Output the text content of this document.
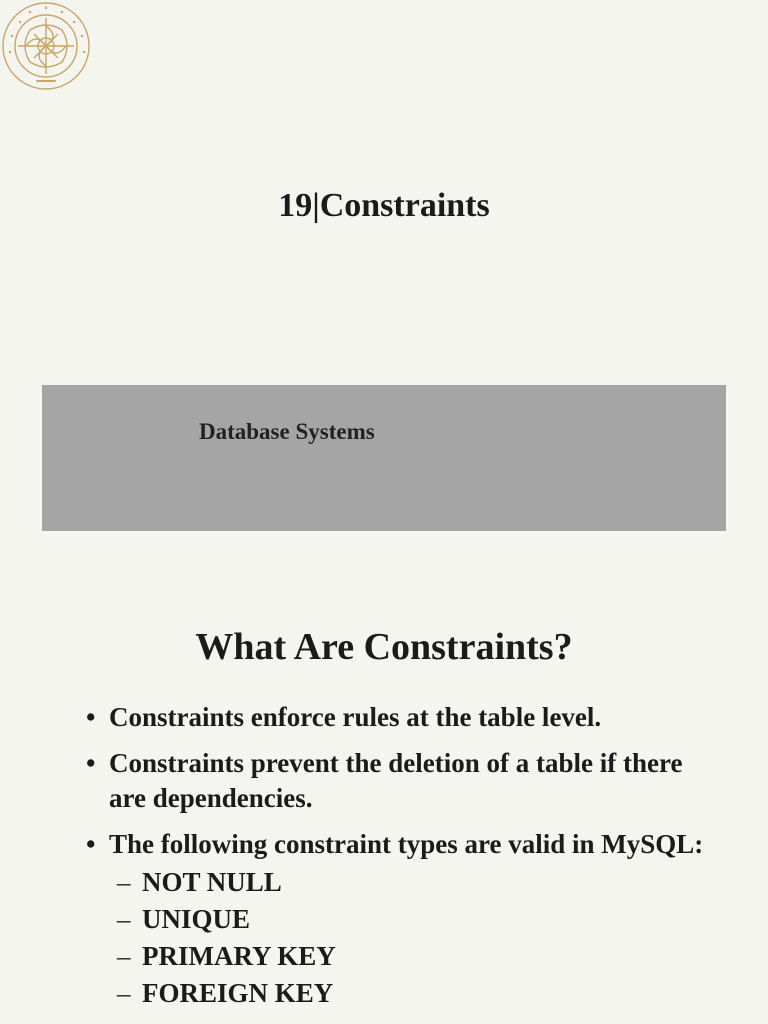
19|Constraints
Database Systems
What Are Constraints?
• Constraints enforce rules at the table level.
• Constraints prevent the deletion of a table if there are dependencies.
• The following constraint types are valid in MySQL:
– NOT NULL
– UNIQUE
– PRIMARY KEY
– FOREIGN KEY
